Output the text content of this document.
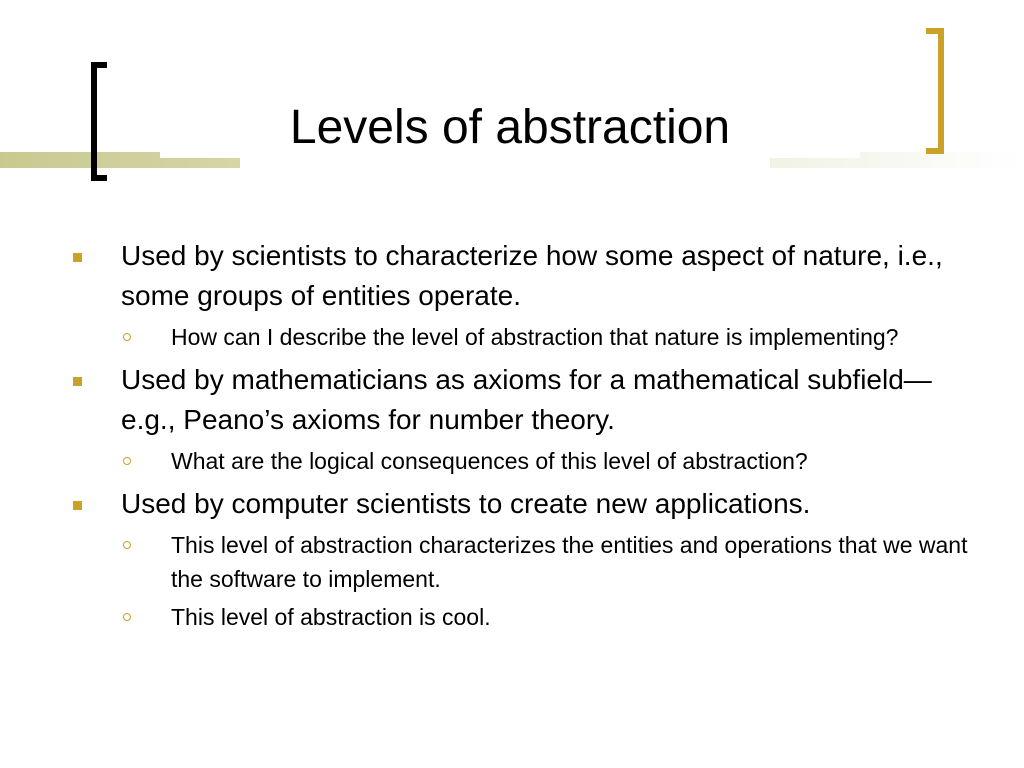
Levels of abstraction
Used by scientists to characterize how some aspect of nature, i.e., some groups of entities operate.
How can I describe the level of abstraction that nature is implementing?
Used by mathematicians as axioms for a mathematical subfield—e.g., Peano’s axioms for number theory.
What are the logical consequences of this level of abstraction?
Used by computer scientists to create new applications.
This level of abstraction characterizes the entities and operations that we want the software to implement.
This level of abstraction is cool.
